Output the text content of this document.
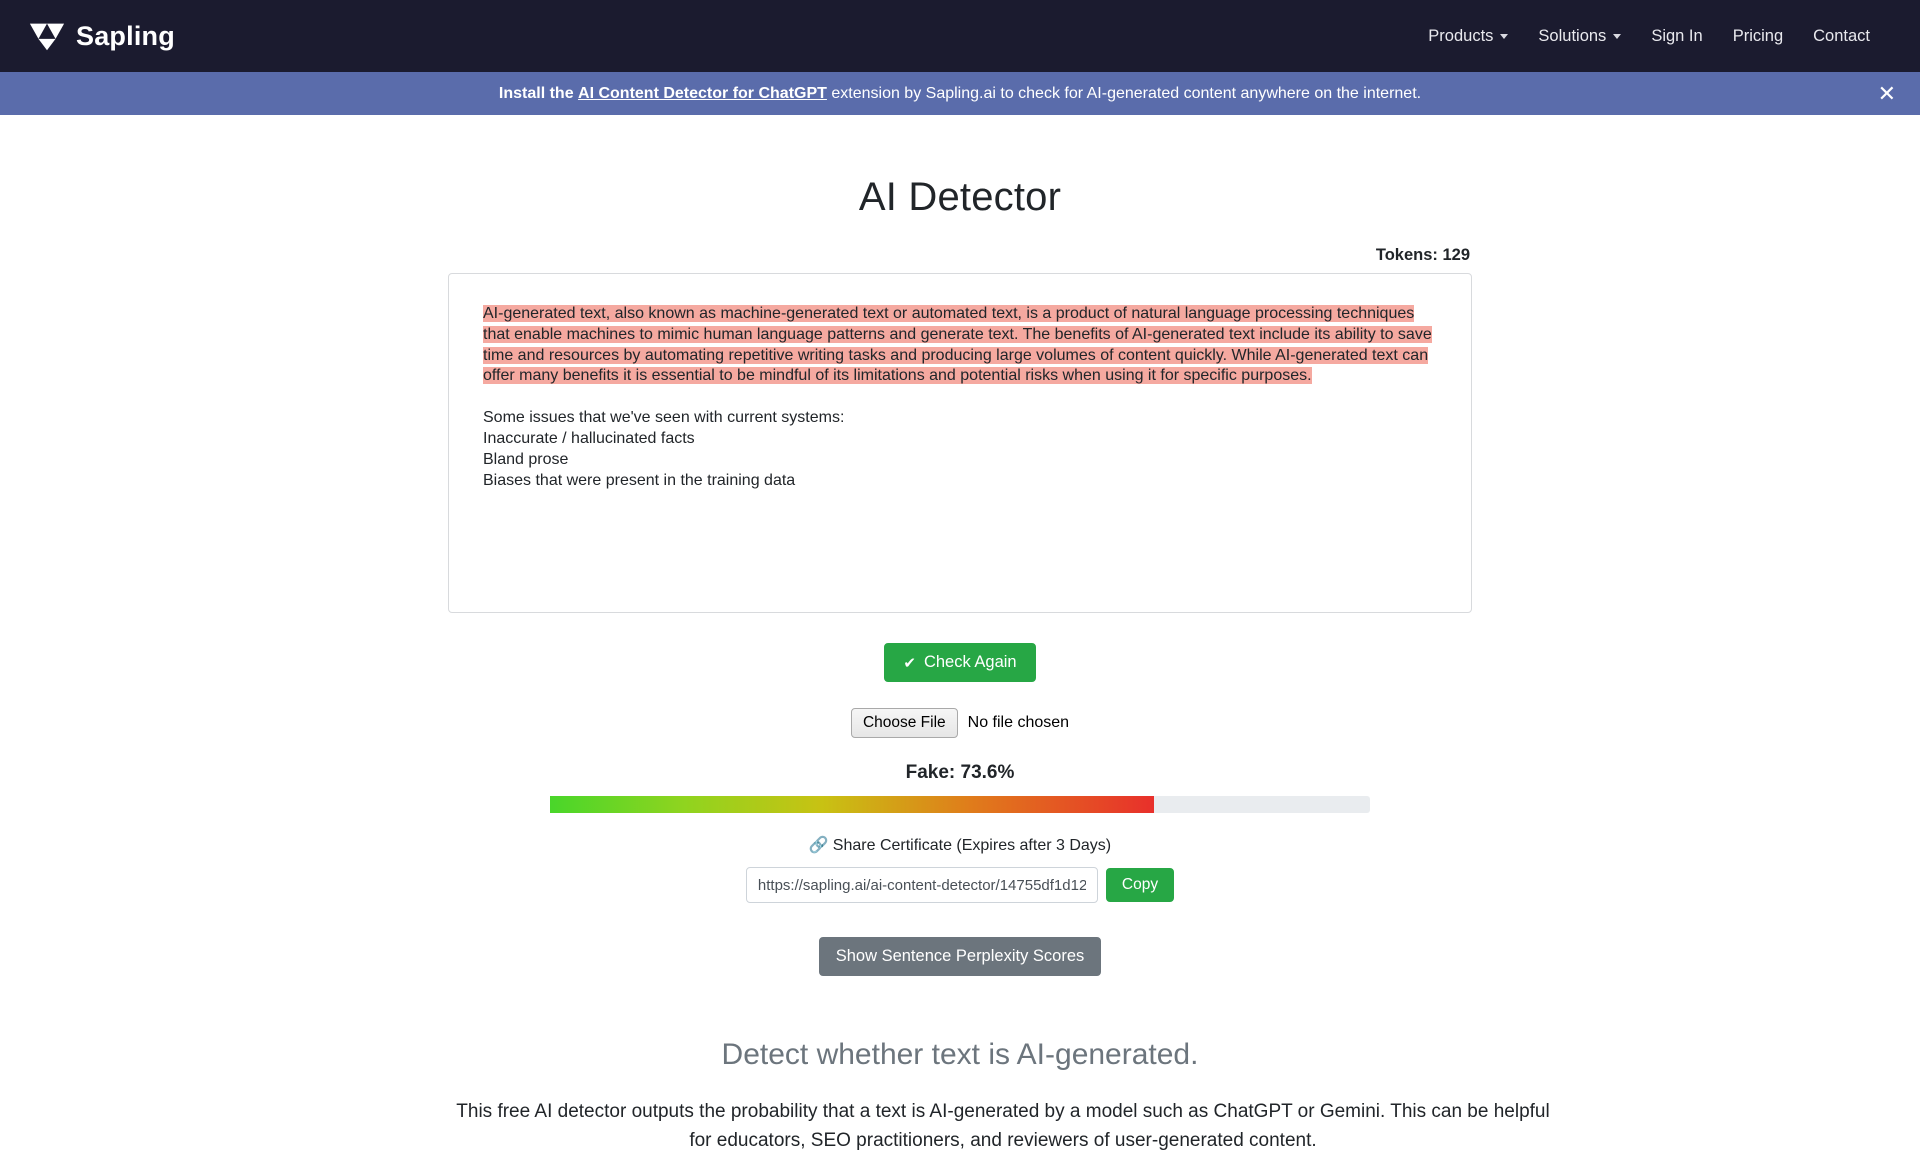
Sapling	Products	Solutions	Sign In Pricing Contact
Install the AI Content Detector for ChatGPT extension by Sapling.ai to check for AI-generated content anywhere on the internet.	✕
AI Detector
Tokens: 129

AI-generated text, also known as machine-generated text or automated text, is a product of natural language processing techniques that enable machines to mimic human language patterns and generate text. The benefits of AI-generated text include its ability to save time and resources by automating repetitive writing tasks and producing large volumes of content quickly. While AI-generated text can offer many benefits it is essential to be mindful of its limitations and potential risks when using it for specific purposes.

Some issues that we've seen with current systems:

Inaccurate / hallucinated facts

Bland prose

Biases that were present in the training data

✔ Check Again
Choose File	No file chosen
Fake: 73.6%
🔗 Share Certificate (Expires after 3 Days)
https://sapling.ai/ai-content-detector/14755df1d12380
Copy
Show Sentence Perplexity Scores
Detect whether text is AI-generated.
This free AI detector outputs the probability that a text is AI-generated by a model such as ChatGPT or Gemini. This can be helpful for educators, SEO practitioners, and reviewers of user-generated content.
